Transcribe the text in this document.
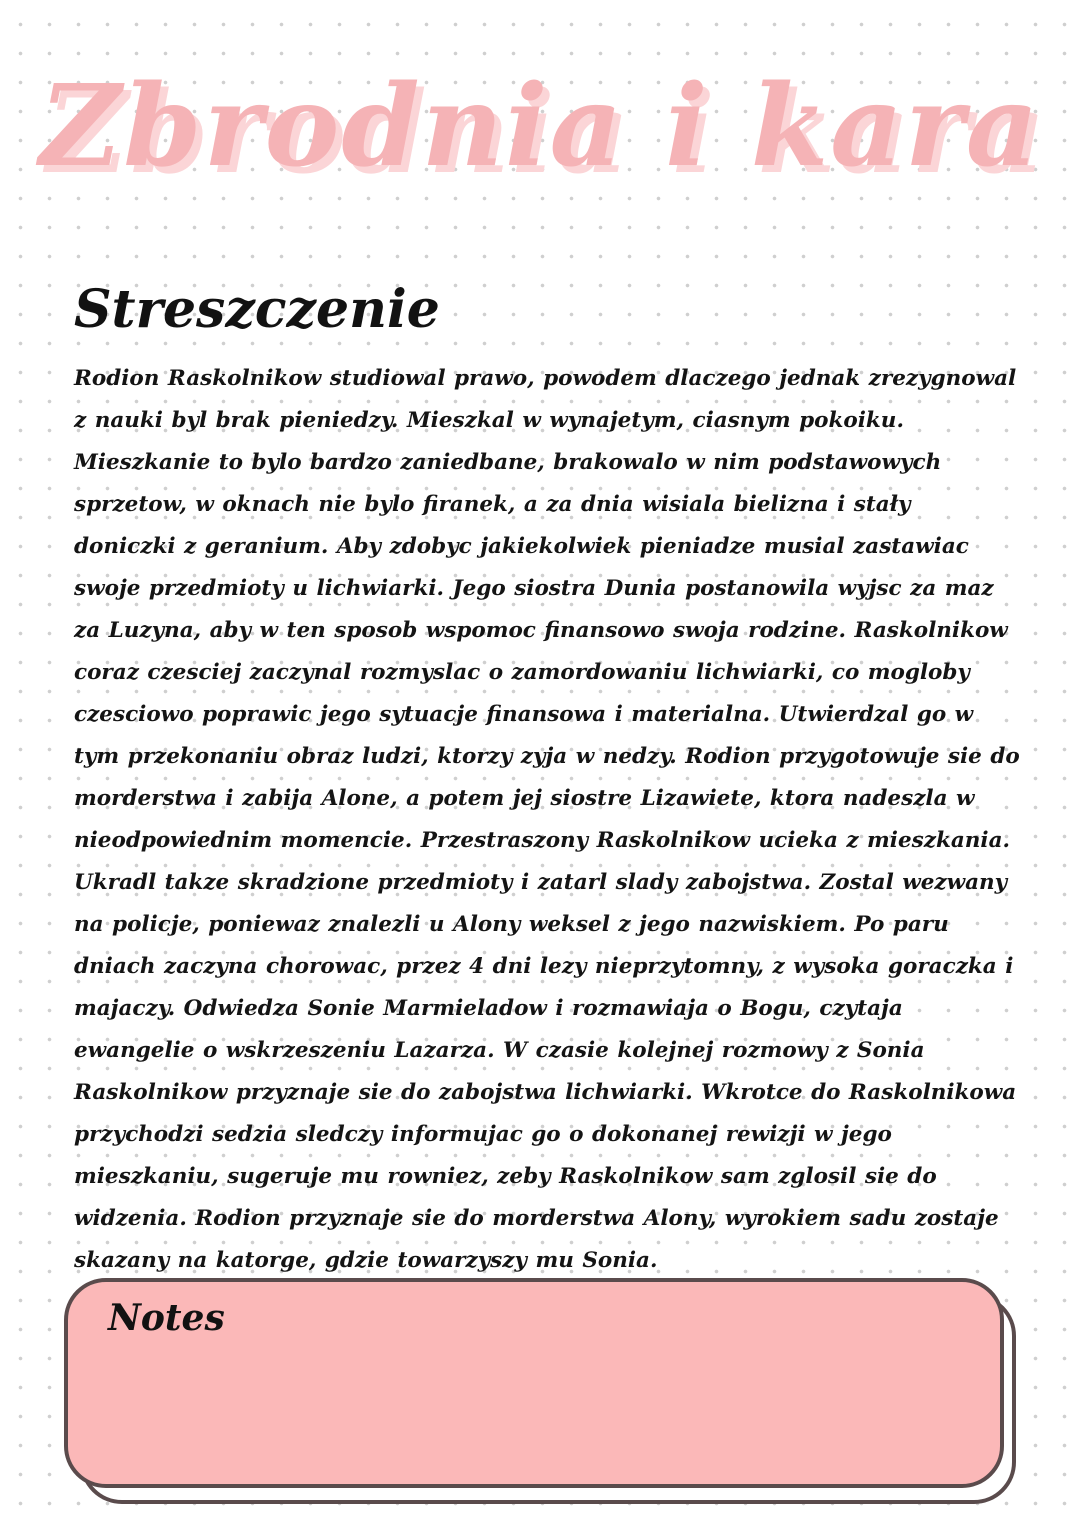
Zbrodnia i kara
Streszczenie

Rodion Raskolnikow studiowal prawo, powodem dlaczego jednak zrezygnowal z nauki byl brak pieniedzy. Mieszkal w wynajetym, ciasnym pokoiku. Mieszkanie to bylo bardzo zaniedbane, brakowalo w nim podstawowych sprzetow, w oknach nie bylo firanek, a za dnia wisiala bielizna i stały doniczki z geranium. Aby zdobyc jakiekolwiek pieniadze musial zastawiac swoje przedmioty u lichwiarki. Jego siostra Dunia postanowila wyjsc za maz za Luzyna, aby w ten sposob wspomoc finansowo swoja rodzine. Raskolnikow coraz czesciej zaczynal rozmyslac o zamordowaniu lichwiarki, co mogloby czesciowo poprawic jego sytuacje finansowa i materialna. Utwierdzal go w tym przekonaniu obraz ludzi, ktorzy zyja w nedzy. Rodion przygotowuje sie do morderstwa i zabija Alone, a potem jej siostre Lizawiete, ktora nadeszla w nieodpowiednim momencie. Przestraszony Raskolnikow ucieka z mieszkania. Ukradl takze skradzione przedmioty i zatarl slady zabojstwa. Zostal wezwany na policje, poniewaz znalezli u Alony weksel z jego nazwiskiem. Po paru dniach zaczyna chorowac, przez 4 dni lezy nieprzytomny, z wysoka goraczka i majaczy. Odwiedza Sonie Marmieladow i rozmawiaja o Bogu, czytaja ewangelie o wskrzeszeniu Lazarza. W czasie kolejnej rozmowy z Sonia Raskolnikow przyznaje sie do zabojstwa lichwiarki. Wkrotce do Raskolnikowa przychodzi sedzia sledczy informujac go o dokonanej rewizji w jego mieszkaniu, sugeruje mu rowniez, zeby Raskolnikow sam zglosil sie do widzenia. Rodion przyznaje sie do morderstwa Alony, wyrokiem sadu zostaje skazany na katorge, gdzie towarzyszy mu Sonia.

Notes
